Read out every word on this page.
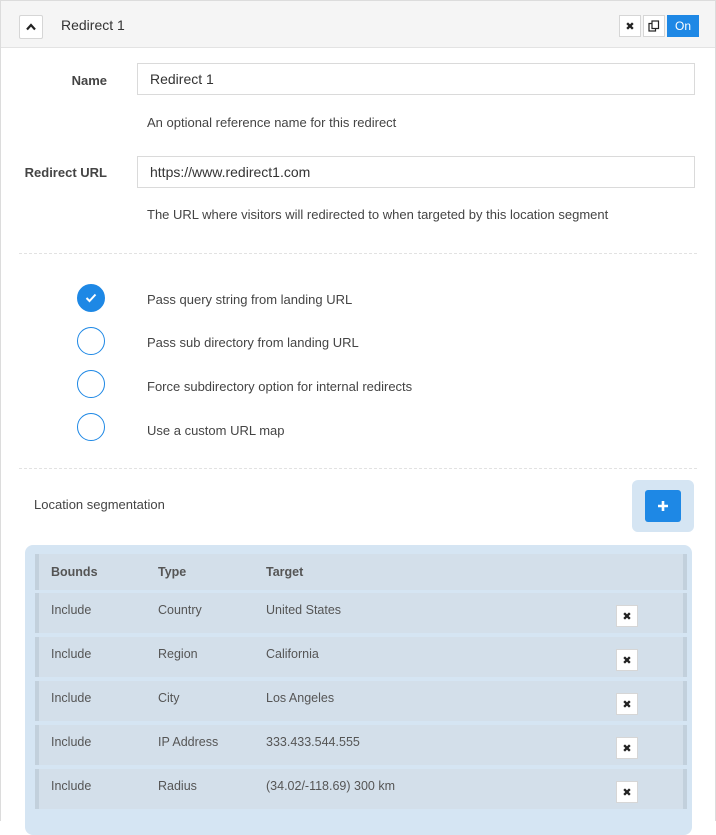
Redirect 1	✖	On
Name	Redirect 1
An optional reference name for this redirect
Redirect URL	https://www.redirect1.com
The URL where visitors will redirected to when targeted by this location segment
Pass query string from landing URL
Pass sub directory from landing URL
Force subdirectory option for internal redirects
Use a custom URL map
Location segmentation
Bounds	Type	Target
Include	Country	United States	✖
Include	Region	California	✖
Include	City	Los Angeles	✖
Include	IP Address	333.433.544.555	✖
Include	Radius	(34.02/-118.69) 300 km	✖
